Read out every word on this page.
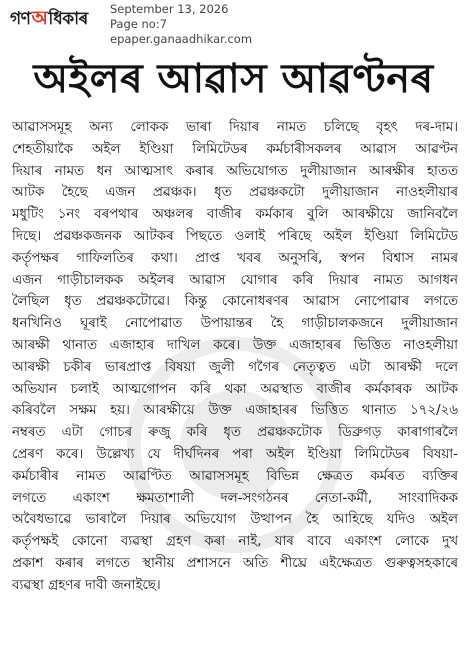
গণ অ ধিকাৰ September 13, 2026
Page no:7
epaper.ganaadhikar.com
অইলৰ আৱাস আৱণ্টনৰ
আৱাসসমূহ অন্য লোকক ভাৰা দিয়াৰ নামত চলিছে বৃহৎ দৰ-দাম।
শেহতীয়াকৈ অইল ইণ্ডিয়া লিমিটেডৰ কৰ্মচাৰীসকলৰ আৱাস আৱণ্টন
দিয়াৰ নামত ধন আত্মসাৎ কৰাৰ অভিযোগত দুলীয়াজান আৰক্ষীৰ হাতত
আটক হৈছে এজন প্ৰৱঞ্চক। ধৃত প্ৰৱঞ্চকটো দুলীয়াজান নাওহলীয়াৰ
মধুটিং ১নং বৰপথাৰ অঞ্চলৰ বাজীৰ কৰ্মকাৰ বুলি আৰক্ষীয়ে জানিবলৈ
দিছে। প্ৰৱঞ্চকজনক আটকৰ পিছতে ওলাই পৰিছে অইল ইণ্ডিয়া লিমিটেড
কৰ্তৃপক্ষৰ গাফিলতিৰ কথা। প্ৰাপ্ত খবৰ অনুসৰি, স্বপন বিশ্বাস নামৰ
এজন গাড়ীচালকক অইলৰ আৱাস যোগাৰ কৰি দিয়াৰ নামত আগধন
লৈছিল ধৃত প্ৰৱঞ্চকটোৱে। কিন্তু কোনোধৰণৰ আৱাস নোপোৱাৰ লগতে
ধনখিনিও ঘূৰাই নোপোৱাত উপায়ান্তৰ হৈ গাড়ীচালকজনে দুলীয়াজান
আৰক্ষী থানাত এজাহাৰ দাখিল কৰে। উক্ত এজাহাৰৰ ভিত্তিত নাওহলীয়া
আৰক্ষী চকীৰ ভাৰপ্ৰাপ্ত বিষয়া জুলী গগৈৰ নেতৃত্বত এটা আৰক্ষী দলে
অভিযান চলাই আত্মগোপন কৰি থকা অৱস্থাত বাজীৰ কৰ্মকাৰক আটক
কৰিবলৈ সক্ষম হয়। আৰক্ষীয়ে উক্ত এজাহাৰৰ ভিত্তিত থানাত ১৭২/২৬
নম্বৰত এটা গোচৰ ৰুজু কৰি ধৃত প্ৰৱঞ্চকটোক ডিব্ৰুগড় কাৰাগাৰলৈ
প্ৰেৰণ কৰে। উল্লেখ্য যে দীৰ্ঘদিনৰ পৰা অইল ইণ্ডিয়া লিমিটেডৰ বিষয়া-
কৰ্মচাৰীৰ নামত আৱণ্টিত আৱাসসমূহ বিভিন্ন ক্ষেত্ৰত কৰ্মৰত ব্যক্তিৰ
লগতে একাংশ ক্ষমতাশালী দল-সংগঠনৰ নেতা-কৰ্মী, সাংবাদিকক
অবৈধভাৱে ভাৰালৈ দিয়াৰ অভিযোগ উত্থাপন হৈ আহিছে যদিও অইল
কৰ্তৃপক্ষই কোনো ব্যৱস্থা গ্ৰহণ কৰা নাই, যাৰ বাবে একাংশ লোকে দুখ
প্ৰকাশ কৰাৰ লগতে স্থানীয় প্ৰশাসনে অতি শীঘ্ৰে এইক্ষেত্ৰত গুৰুত্বসহকাৰে
ব্যৱস্থা গ্ৰহণৰ দাবী জনাইছে।
